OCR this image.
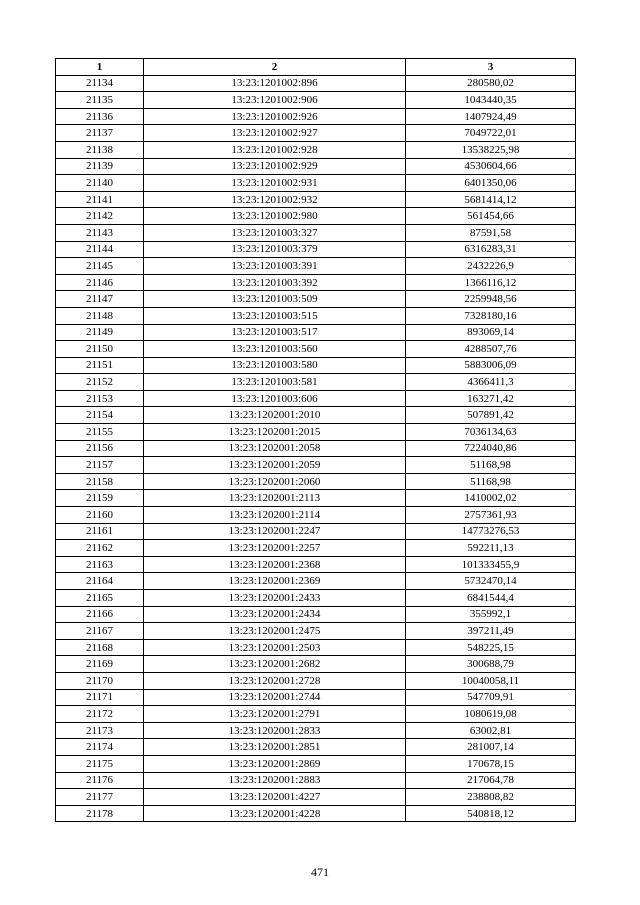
1	2	3
21134	13:23:1201002:896	280580,02
21135	13:23:1201002:906	1043440,35
21136	13:23:1201002:926	1407924,49
21137	13:23:1201002:927	7049722,01
21138	13:23:1201002:928	13538225,98
21139	13:23:1201002:929	4530604,66
21140	13:23:1201002:931	6401350,06
21141	13:23:1201002:932	5681414,12
21142	13:23:1201002:980	561454,66
21143	13:23:1201003:327	87591,58
21144	13:23:1201003:379	6316283,31
21145	13:23:1201003:391	2432226,9
21146	13:23:1201003:392	1366116,12
21147	13:23:1201003:509	2259948,56
21148	13:23:1201003:515	7328180,16
21149	13:23:1201003:517	893069,14
21150	13:23:1201003:560	4288507,76
21151	13:23:1201003:580	5883006,09
21152	13:23:1201003:581	4366411,3
21153	13:23:1201003:606	163271,42
21154	13:23:1202001:2010	507891,42
21155	13:23:1202001:2015	7036134,63
21156	13:23:1202001:2058	7224040,86
21157	13:23:1202001:2059	51168,98
21158	13:23:1202001:2060	51168,98
21159	13:23:1202001:2113	1410002,02
21160	13:23:1202001:2114	2757361,93
21161	13:23:1202001:2247	14773276,53
21162	13:23:1202001:2257	592211,13
21163	13:23:1202001:2368	101333455,9
21164	13:23:1202001:2369	5732470,14
21165	13:23:1202001:2433	6841544,4
21166	13:23:1202001:2434	355992,1
21167	13:23:1202001:2475	397211,49
21168	13:23:1202001:2503	548225,15
21169	13:23:1202001:2682	300688,79
21170	13:23:1202001:2728	10040058,11
21171	13:23:1202001:2744	547709,91
21172	13:23:1202001:2791	1080619,08
21173	13:23:1202001:2833	63002,81
21174	13:23:1202001:2851	281007,14
21175	13:23:1202001:2869	170678,15
21176	13:23:1202001:2883	217064,78
21177	13:23:1202001:4227	238808,82
21178	13:23:1202001:4228	540818,12
471
